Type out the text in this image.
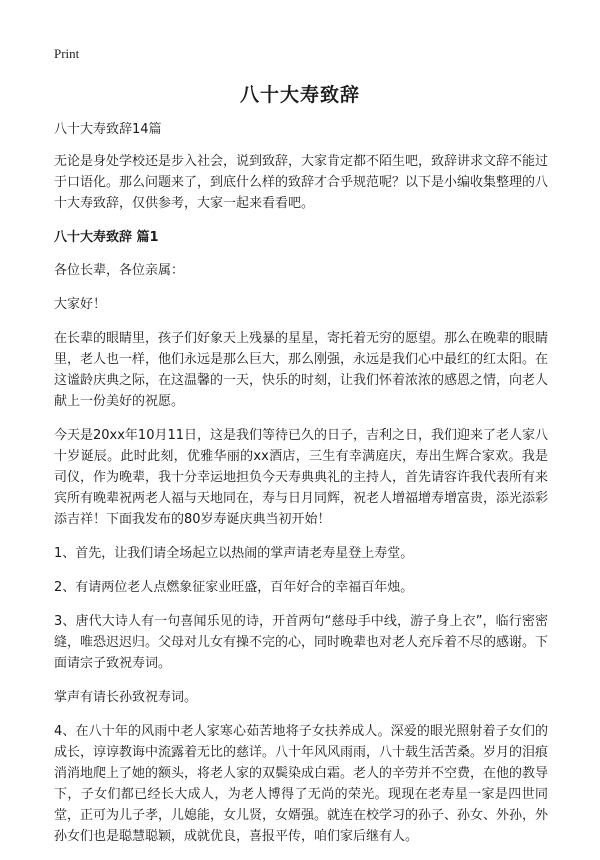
Print
八十大寿致辞

八十大寿致辞14篇

无论是身处学校还是步入社会，说到致辞，大家肯定都不陌生吧，致辞讲求文辞不能过于口语化。那么问题来了，到底什么样的致辞才合乎规范呢？以下是小编收集整理的八十大寿致辞，仅供参考，大家一起来看看吧。

八十大寿致辞 篇1

各位长辈，各位亲属：

大家好！

在长辈的眼睛里，孩子们好象天上残暴的星星，寄托着无穷的愿望。那么在晚辈的眼睛里，老人也一样，他们永远是那么巨大，那么刚强，永远是我们心中最红的红太阳。在这谧龄庆典之际，在这温馨的一天，快乐的时刻，让我们怀着浓浓的感恩之情，向老人献上一份美好的祝愿。

今天是20xx年10月11日，这是我们等待已久的日子，吉利之日，我们迎来了老人家八十岁诞辰。此时此刻，优雅华丽的xx酒店，三生有幸满庭庆，寿出生辉合家欢。我是司仪，作为晚辈，我十分幸运地担负今天寿典典礼的主持人，首先请容许我代表所有来宾所有晚辈祝两老人福与天地同在，寿与日月同辉，祝老人增福增寿增富贵，添光添彩添吉祥！下面我发布的80岁寿诞庆典当初开始！

1、首先，让我们请全场起立以热闹的掌声请老寿星登上寿堂。

2、有请两位老人点燃象征家业旺盛，百年好合的幸福百年烛。

3、唐代大诗人有一句喜闻乐见的诗，开首两句“慈母手中线，游子身上衣”，临行密密缝，唯恐迟迟归。父母对儿女有操不完的心，同时晚辈也对老人充斥着不尽的感谢。下面请宗子致祝寿词。

掌声有请长孙致祝寿词。

4、在八十年的风雨中老人家寒心茹苦地将子女扶养成人。深爱的眼光照射着子女们的成长，谆谆教诲中流露着无比的慈详。八十年风风雨雨，八十载生活苦桑。岁月的泪痕消消地爬上了她的额头，将老人家的双鬓染成白霜。老人的辛劳并不空费，在他的教导下，子女们都已经长大成人，为老人博得了无尚的荣光。现现在老寿星一家是四世同堂，正可为儿子孝，儿媳能，女儿贤，女婿强。就连在校学习的孙子、孙女、外孙，外孙女们也是聪慧聪颖，成就优良，喜报平传，咱们家后继有人。
